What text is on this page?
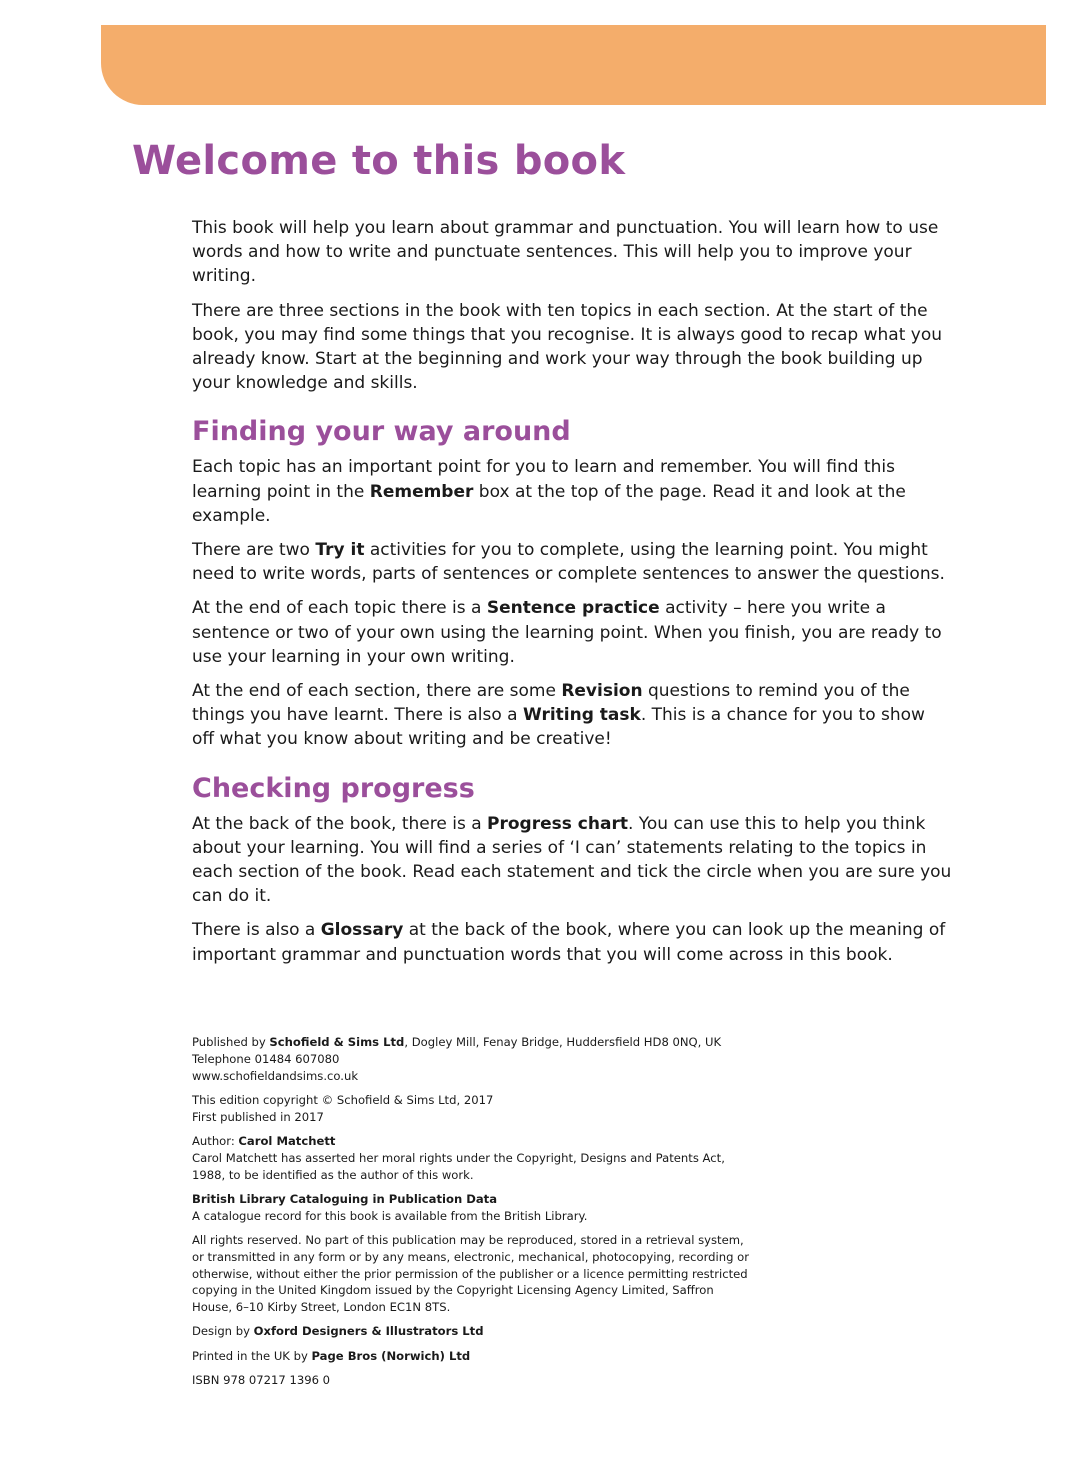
Welcome to this book

This book will help you learn about grammar and punctuation. You will learn how to use words and how to write and punctuate sentences. This will help you to improve your writing.

There are three sections in the book with ten topics in each section. At the start of the book, you may find some things that you recognise. It is always good to recap what you already know. Start at the beginning and work your way through the book building up your knowledge and skills.

Finding your way around

Each topic has an important point for you to learn and remember. You will find this learning point in the Remember box at the top of the page. Read it and look at the example.

There are two Try it activities for you to complete, using the learning point. You might need to write words, parts of sentences or complete sentences to answer the questions.

At the end of each topic there is a Sentence practice activity – here you write a sentence or two of your own using the learning point. When you finish, you are ready to use your learning in your own writing.

At the end of each section, there are some Revision questions to remind you of the things you have learnt. There is also a Writing task. This is a chance for you to show off what you know about writing and be creative!

Checking progress

At the back of the book, there is a Progress chart. You can use this to help you think about your learning. You will find a series of ‘I can’ statements relating to the topics in each section of the book. Read each statement and tick the circle when you are sure you can do it.

There is also a Glossary at the back of the book, where you can look up the meaning of important grammar and punctuation words that you will come across in this book.

Published by Schofield & Sims Ltd, Dogley Mill, Fenay Bridge, Huddersfield HD8 0NQ, UK
Telephone 01484 607080
www.schofieldandsims.co.uk

This edition copyright © Schofield & Sims Ltd, 2017
First published in 2017

Author: Carol Matchett
Carol Matchett has asserted her moral rights under the Copyright, Designs and Patents Act, 1988, to be identified as the author of this work.

British Library Cataloguing in Publication Data
A catalogue record for this book is available from the British Library.

All rights reserved. No part of this publication may be reproduced, stored in a retrieval system, or transmitted in any form or by any means, electronic, mechanical, photocopying, recording or otherwise, without either the prior permission of the publisher or a licence permitting restricted copying in the United Kingdom issued by the Copyright Licensing Agency Limited, Saffron House, 6–10 Kirby Street, London EC1N 8TS.

Design by Oxford Designers & Illustrators Ltd

Printed in the UK by Page Bros (Norwich) Ltd

ISBN 978 07217 1396 0
